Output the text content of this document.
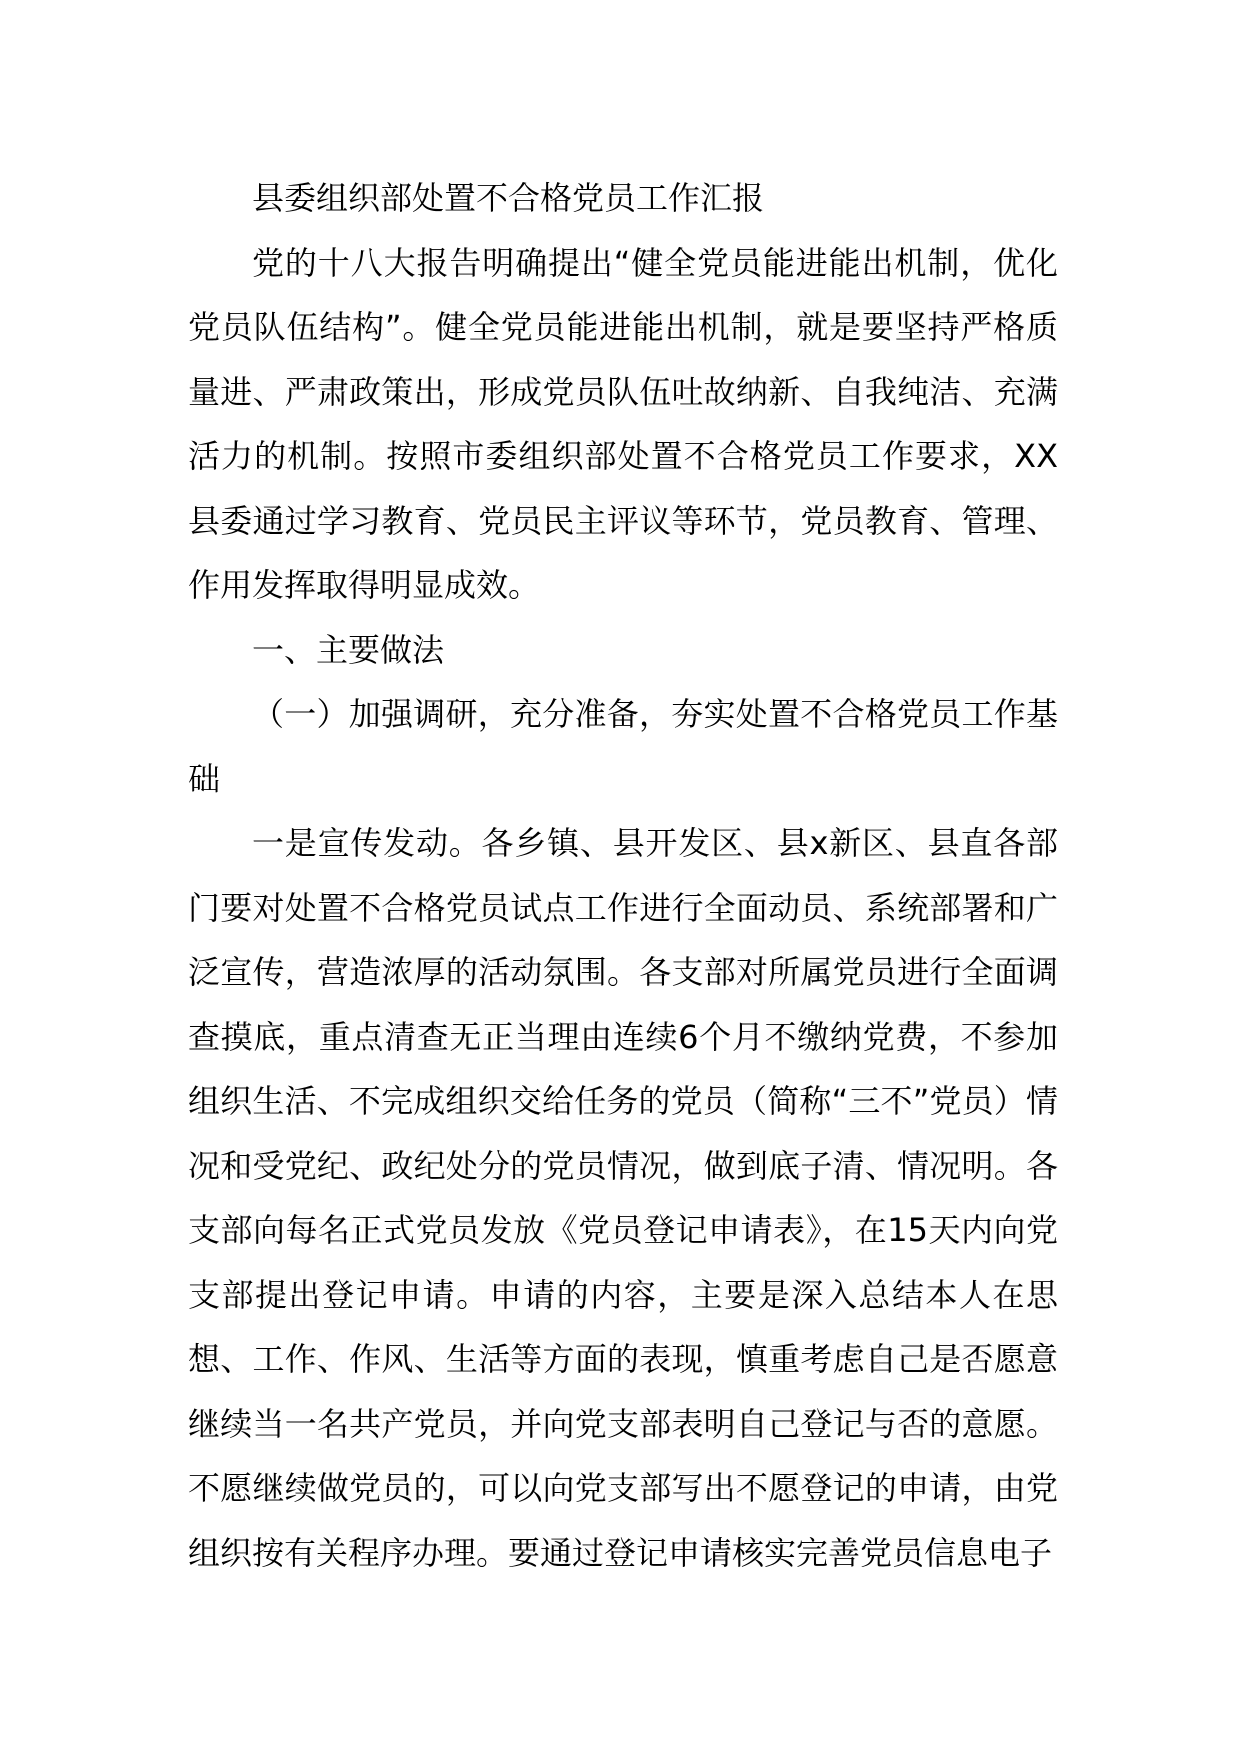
县委组织部处置不合格党员工作汇报

党的十八大报告明确提出“健全党员能进能出机制，优化党员队伍结构”。健全党员能进能出机制，就是要坚持严格质量进、严肃政策出，形成党员队伍吐故纳新、自我纯洁、充满活力的机制。按照市委组织部处置不合格党员工作要求，XX县委通过学习教育、党员民主评议等环节，党员教育、管理、作用发挥取得明显成效。

一、主要做法

（一）加强调研，充分准备，夯实处置不合格党员工作基础

一是宣传发动。各乡镇、县开发区、县x新区、县直各部门要对处置不合格党员试点工作进行全面动员、系统部署和广泛宣传，营造浓厚的活动氛围。各支部对所属党员进行全面调查摸底，重点清查无正当理由连续6个月不缴纳党费，不参加组织生活、不完成组织交给任务的党员（简称“三不”党员）情况和受党纪、政纪处分的党员情况，做到底子清、情况明。各支部向每名正式党员发放《党员登记申请表》，在15天内向党支部提出登记申请。申请的内容，主要是深入总结本人在思想、工作、作风、生活等方面的表现，慎重考虑自己是否愿意继续当一名共产党员，并向党支部表明自己登记与否的意愿。不愿继续做党员的，可以向党支部写出不愿登记的申请，由党组织按有关程序办理。要通过登记申请核实完善党员信息电子
